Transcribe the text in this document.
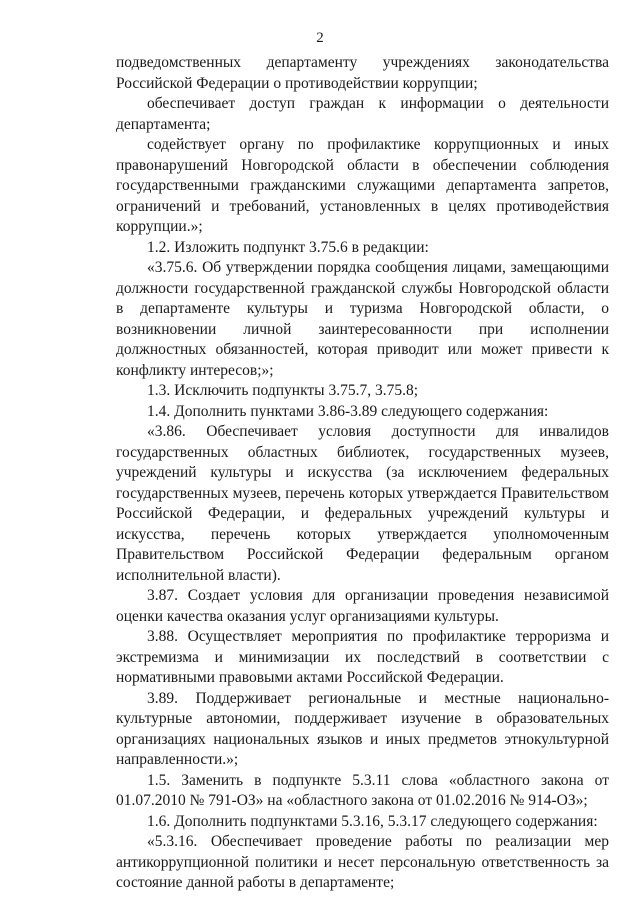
2

подведомственных департаменту учреждениях законодательства Российской Федерации о противодействии коррупции;

обеспечивает доступ граждан к информации о деятельности департамента;

содействует органу по профилактике коррупционных и иных правонарушений Новгородской области в обеспечении соблюдения государственными гражданскими служащими департамента запретов, ограничений и требований, установленных в целях противодействия коррупции.»;

1.2. Изложить подпункт 3.75.6 в редакции:

«3.75.6. Об утверждении порядка сообщения лицами, замещающими должности государственной гражданской службы Новгородской области в департаменте культуры и туризма Новгородской области, о возникновении личной заинтересованности при исполнении должностных обязанностей, которая приводит или может привести к конфликту интересов;»;

1.3. Исключить подпункты 3.75.7, 3.75.8;

1.4. Дополнить пунктами 3.86-3.89 следующего содержания:

«3.86. Обеспечивает условия доступности для инвалидов государственных областных библиотек, государственных музеев, учреждений культуры и искусства (за исключением федеральных государственных музеев, перечень которых утверждается Правительством Российской Федерации, и федеральных учреждений культуры и искусства, перечень которых утверждается уполномоченным Правительством Российской Федерации федеральным органом исполнительной власти).

3.87. Создает условия для организации проведения независимой оценки качества оказания услуг организациями культуры.

3.88. Осуществляет мероприятия по профилактике терроризма и экстремизма и минимизации их последствий в соответствии с нормативными правовыми актами Российской Федерации.

3.89. Поддерживает региональные и местные национально-культурные автономии, поддерживает изучение в образовательных организациях национальных языков и иных предметов этнокультурной направленности.»;

1.5. Заменить в подпункте 5.3.11 слова «областного закона от 01.07.2010 № 791-ОЗ» на «областного закона от 01.02.2016 № 914-ОЗ»;

1.6. Дополнить подпунктами 5.3.16, 5.3.17 следующего содержания:

«5.3.16. Обеспечивает проведение работы по реализации мер антикоррупционной политики и несет персональную ответственность за состояние данной работы в департаменте;
